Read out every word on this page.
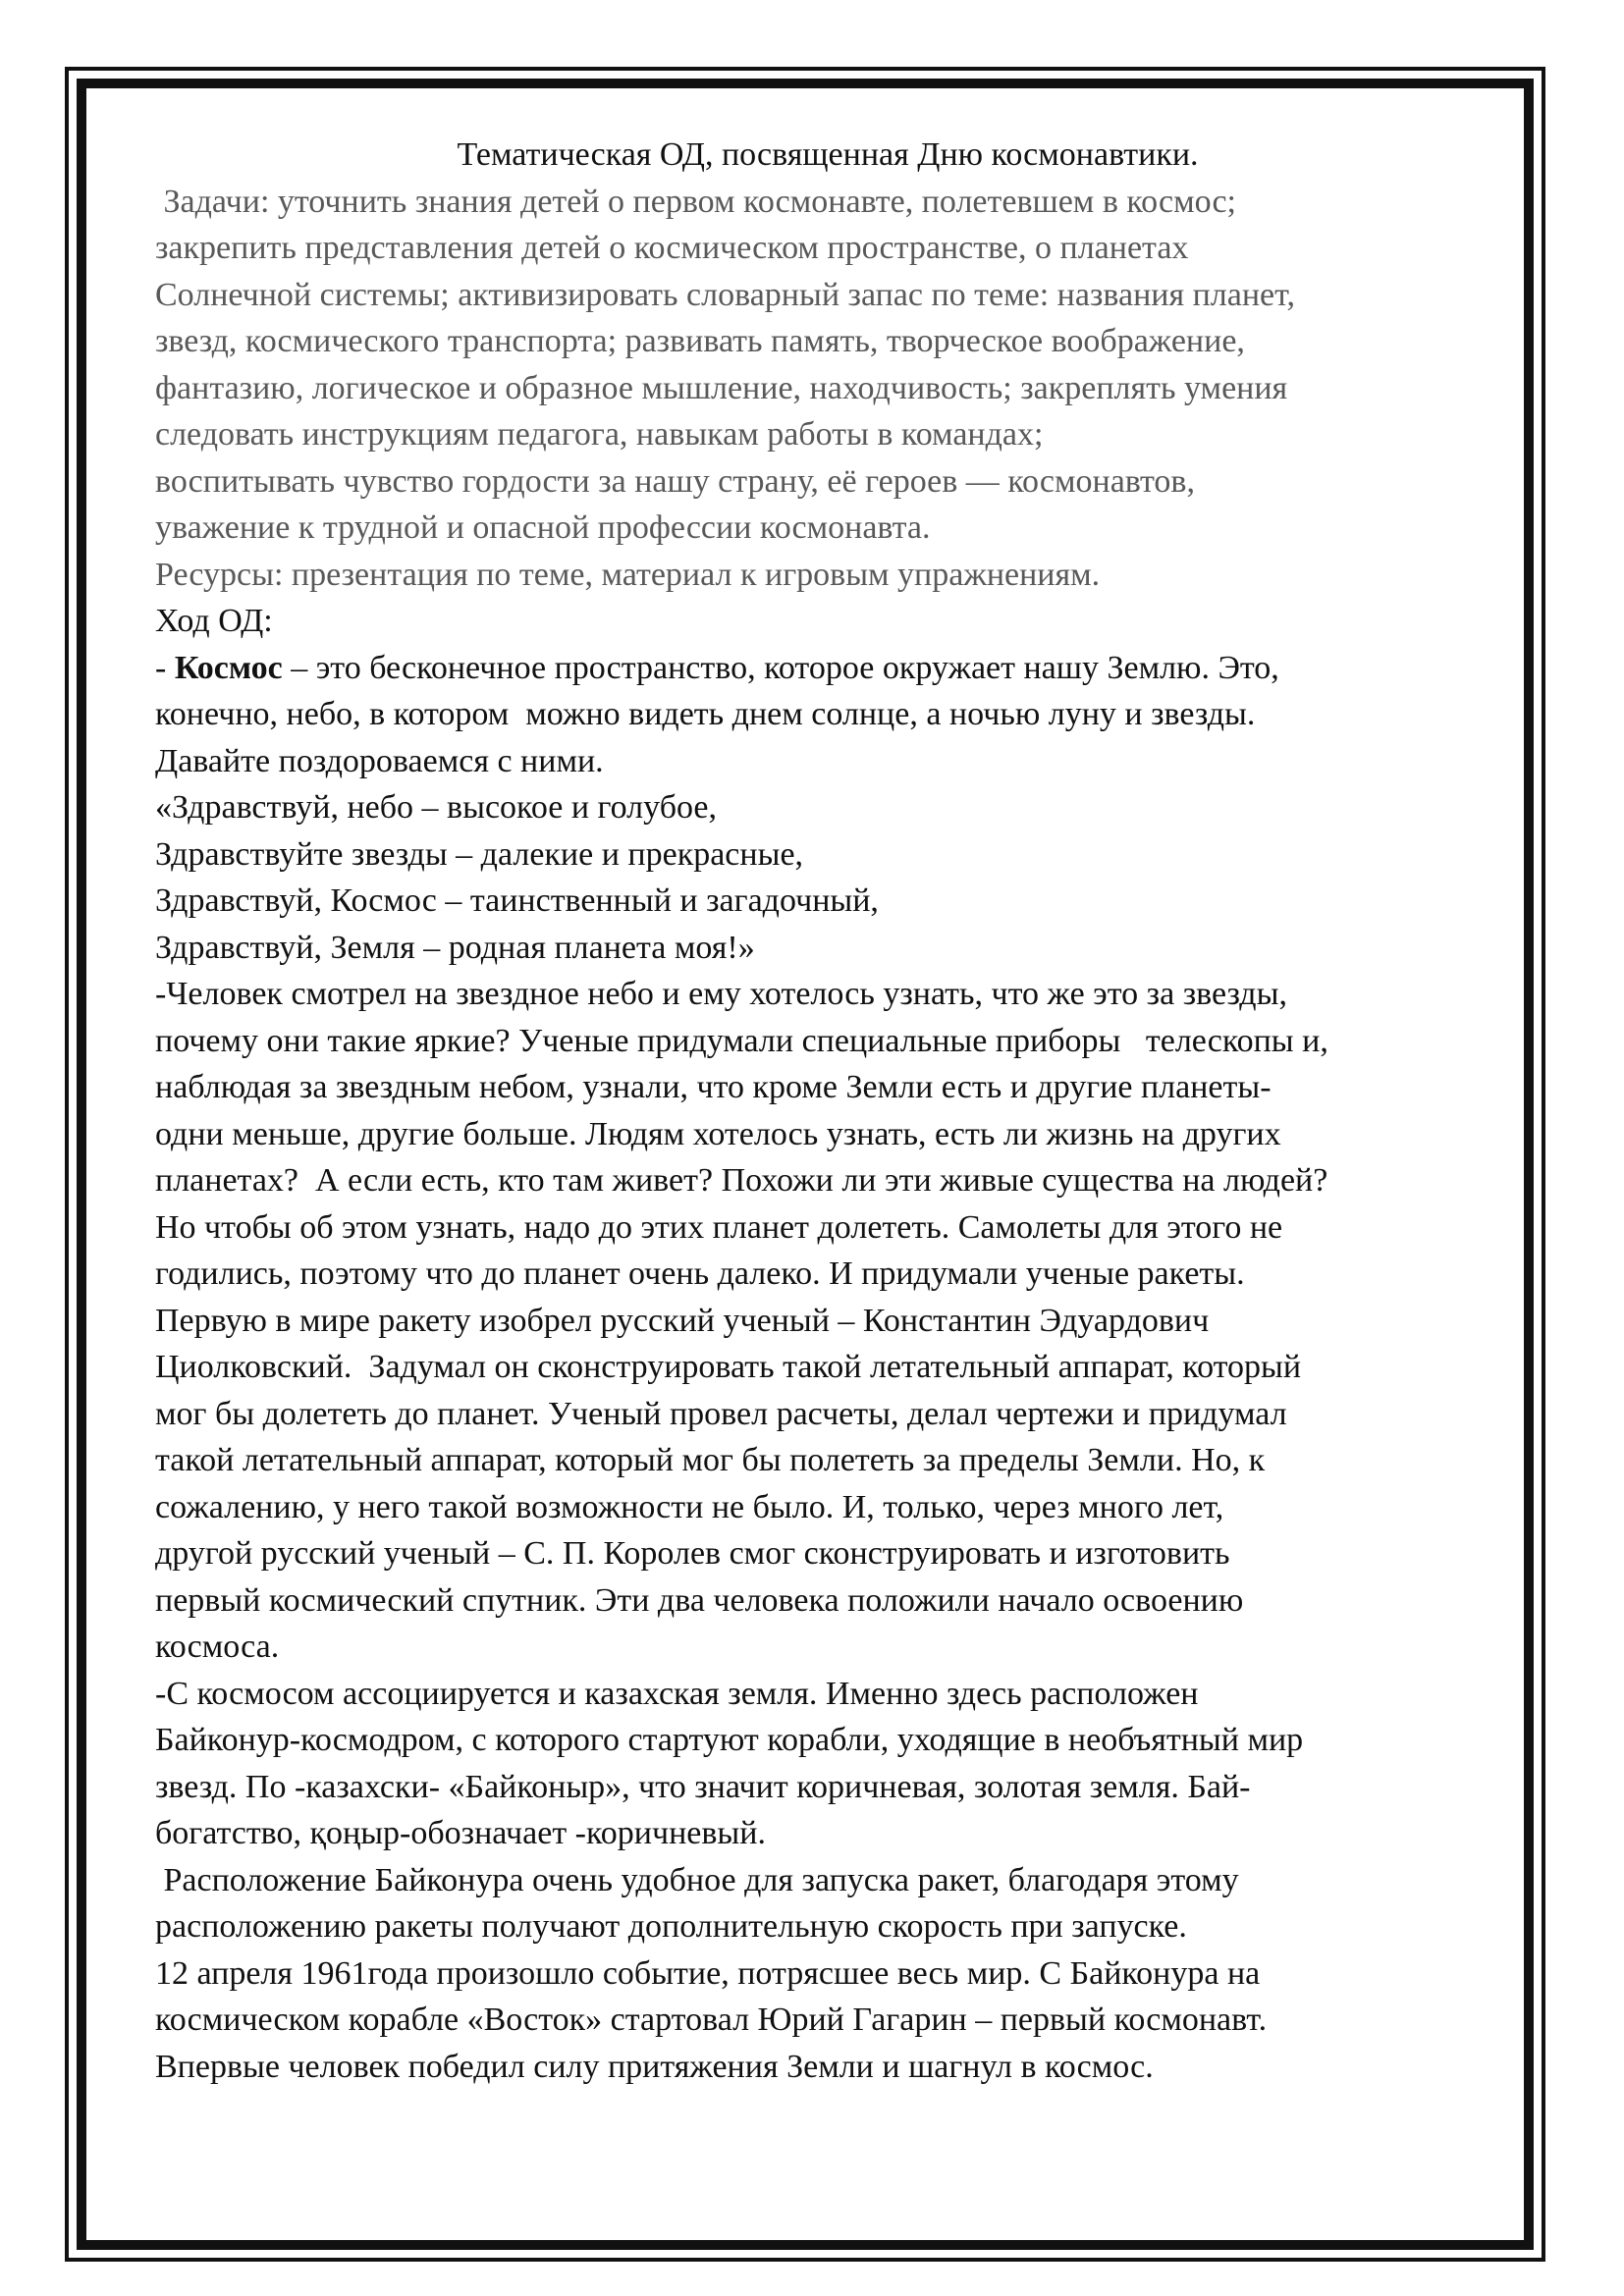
Тематическая ОД, посвященная Дню космонавтики.
Задачи: уточнить знания детей о первом космонавте, полетевшем в космос;
закрепить представления детей о космическом пространстве, о планетах
Солнечной системы; активизировать словарный запас по теме: названия планет,
звезд, космического транспорта; развивать память, творческое воображение,
фантазию, логическое и образное мышление, находчивость; закреплять умения
следовать инструкциям педагога, навыкам работы в командах;
воспитывать чувство гордости за нашу страну, её героев — космонавтов,
уважение к трудной и опасной профессии космонавта.
Ресурсы: презентация по теме, материал к игровым упражнениям.
Ход ОД:
- Космос – это бесконечное пространство, которое окружает нашу Землю. Это,
конечно, небо, в котором  можно видеть днем солнце, а ночью луну и звезды.
Давайте поздороваемся с ними.
«Здравствуй, небо – высокое и голубое,
Здравствуйте звезды – далекие и прекрасные,
Здравствуй, Космос – таинственный и загадочный,
Здравствуй, Земля – родная планета моя!»
-Человек смотрел на звездное небо и ему хотелось узнать, что же это за звезды,
почему они такие яркие? Ученые придумали специальные приборы   телескопы и,
наблюдая за звездным небом, узнали, что кроме Земли есть и другие планеты-
одни меньше, другие больше. Людям хотелось узнать, есть ли жизнь на других
планетах?  А если есть, кто там живет? Похожи ли эти живые существа на людей?
Но чтобы об этом узнать, надо до этих планет долететь. Самолеты для этого не
годились, поэтому что до планет очень далеко. И придумали ученые ракеты.
Первую в мире ракету изобрел русский ученый – Константин Эдуардович
Циолковский.  Задумал он сконструировать такой летательный аппарат, который
мог бы долететь до планет. Ученый провел расчеты, делал чертежи и придумал
такой летательный аппарат, который мог бы полететь за пределы Земли. Но, к
сожалению, у него такой возможности не было. И, только, через много лет,
другой русский ученый – С. П. Королев смог сконструировать и изготовить
первый космический спутник. Эти два человека положили начало освоению
космоса.
-С космосом ассоциируется и казахская земля. Именно здесь расположен
Байконур-космодром, с которого стартуют корабли, уходящие в необъятный мир
звезд. По -казахски- «Байконыр», что значит коричневая, золотая земля. Бай-
богатство, қоңыр-обозначает -коричневый.
Расположение Байконура очень удобное для запуска ракет, благодаря этому
расположению ракеты получают дополнительную скорость при запуске.
12 апреля 1961года произошло событие, потрясшее весь мир. С Байконура на
космическом корабле «Восток» стартовал Юрий Гагарин – первый космонавт.
Впервые человек победил силу притяжения Земли и шагнул в космос.
